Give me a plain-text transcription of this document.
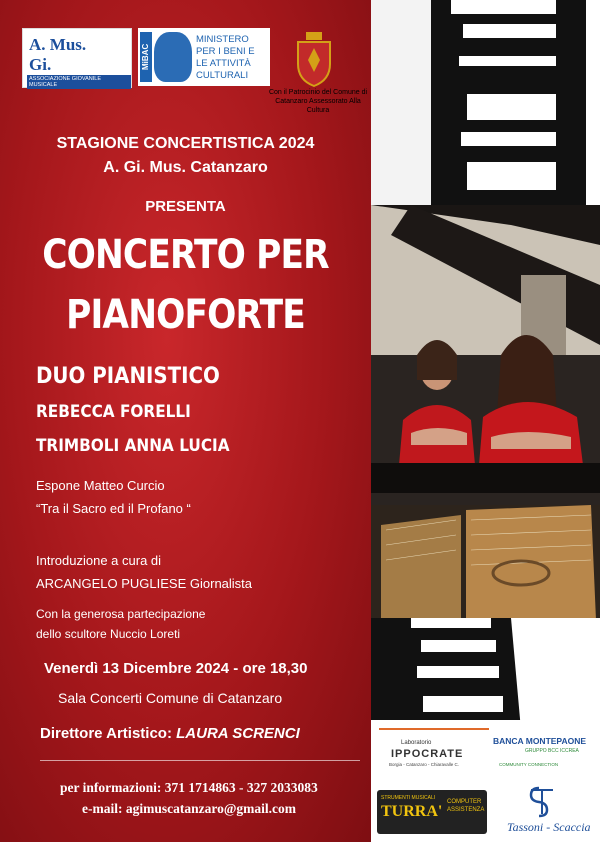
A. Mus.
Gi.
ASSOCIAZIONE GIOVANILE MUSICALE
MiBAC
MINISTERO PER I BENI E LE ATTIVITÀ CULTURALI
Con il Patrocinio del Comune di Catanzaro Assessorato Alla Cultura
STAGIONE CONCERTISTICA 2024
A. Gi. Mus. Catanzaro
PRESENTA
CONCERTO PER
PIANOFORTE
DUO PIANISTICO
REBECCA FORELLI
TRIMBOLI ANNA LUCIA
Espone Matteo Curcio
“Tra il Sacro ed il Profano “
Introduzione a cura di
ARCANGELO PUGLIESE Giornalista
Con la generosa partecipazione
dello scultore Nuccio Loreti
Venerdì 13 Dicembre 2024 - ore 18,30
Sala Concerti Comune di Catanzaro
Direttore Artistico: LAURA SCRENCI
per informazioni: 371 1714863 - 327 2033083
e-mail: agimuscatanzaro@gmail.com
Laboratorio
IPPOCRATE
Borgia - Catanzaro - Chiaravalle C.
BANCA MONTEPAONE
GRUPPO BCC ICCREA
COMMUNITY CONNECTION
STRUMENTI MUSICALI
TURRA'
COMPUTER ASSISTENZA
Tassoni - Scaccia
